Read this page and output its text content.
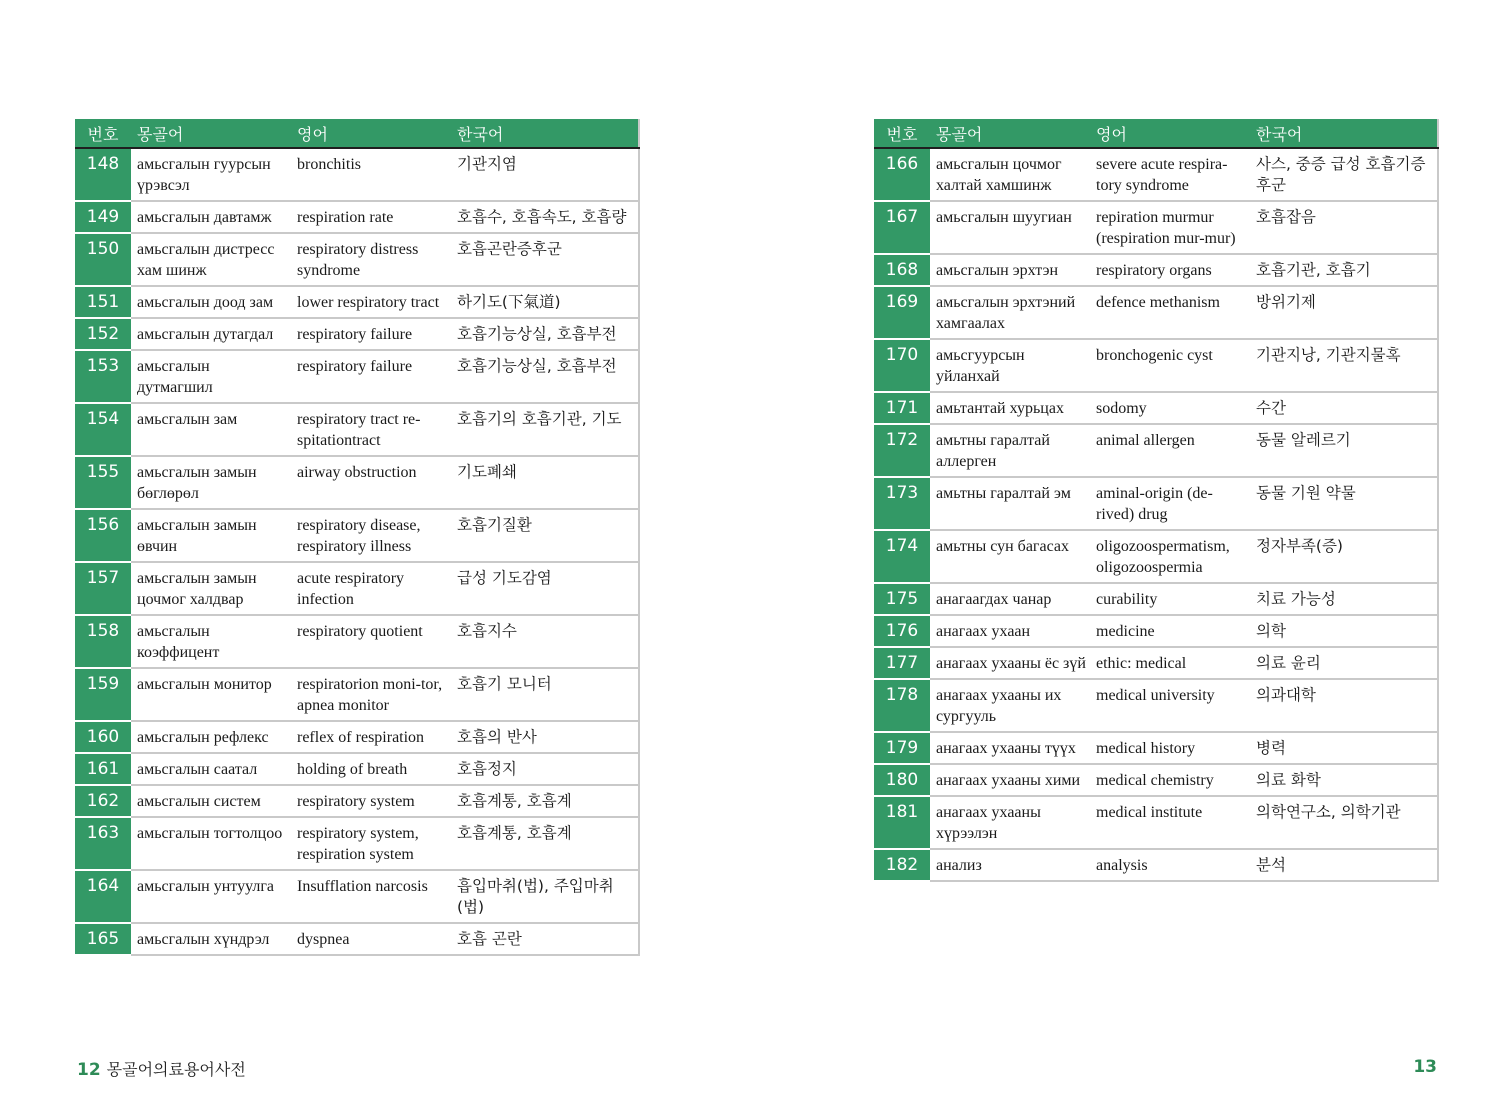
번호	몽골어	영어	한국어
148	амьсгалын гуурсын үрэвсэл	bronchitis	기관지염
149	амьсгалын давтамж	respiration rate	호흡수, 호흡속도, 호흡량
150	амьсгалын дистресс хам шинж	respiratory distress syndrome	호흡곤란증후군
151	амьсгалын доод зам	lower respiratory tract	하기도(下氣道)
152	амьсгалын дутагдал	respiratory failure	호흡기능상실, 호흡부전
153	амьсгалын дутмагшил	respiratory failure	호흡기능상실, 호흡부전
154	амьсгалын зам	respiratory tract re-spitationtract	호흡기의 호흡기관, 기도
155	амьсгалын замын бөглөрөл	airway obstruction	기도폐쇄
156	амьсгалын замын өвчин	respiratory disease, respiratory illness	호흡기질환
157	амьсгалын замын цочмог халдвар	acute respiratory infection	급성 기도감염
158	амьсгалын коэффицент	respiratory quotient	호흡지수
159	амьсгалын монитор	respiratorion moni-tor, apnea monitor	호흡기 모니터
160	амьсгалын рефлекс	reflex of respiration	호흡의 반사
161	амьсгалын саатал	holding of breath	호흡정지
162	амьсгалын систем	respiratory system	호흡계통, 호흡계
163	амьсгалын тогтолцоо	respiratory system, respiration system	호흡계통, 호흡계
164	амьсгалын унтуулга	Insufflation narcosis	흡입마취(법), 주입마취(법)
165	амьсгалын хүндрэл	dyspnea	호흡 곤란
번호	몽골어	영어	한국어
166	амьсгалын цочмог халтай хамшинж	severe acute respira-tory syndrome	사스, 중증 급성 호흡기증후군
167	амьсгалын шуугиан	repiration murmur (respiration mur-mur)	호흡잡음
168	амьсгалын эрхтэн	respiratory organs	호흡기관, 호흡기
169	амьсгалын эрхтэний хамгаалах	defence methanism	방위기제
170	амьсгуурсын уйланхай	bronchogenic cyst	기관지낭, 기관지물혹
171	амьтантай хурьцах	sodomy	수간
172	амьтны гаралтай аллерген	animal allergen	동물 알레르기
173	амьтны гаралтай эм	aminal-origin (de-rived) drug	동물 기원 약물
174	амьтны сун багасах	oligozoospermatism, oligozoospermia	정자부족(증)
175	анагаагдах чанар	curability	치료 가능성
176	анагаах ухаан	medicine	의학
177	анагаах ухааны ёс зүй	ethic: medical	의료 윤리
178	анагаах ухааны их сургууль	medical university	의과대학
179	анагаах ухааны түүх	medical history	병력
180	анагаах ухааны хими	medical chemistry	의료 화학
181	анагаах ухааны хүрээлэн	medical institute	의학연구소, 의학기관
182	анализ	analysis	분석
12 몽골어의료용어사전	13
